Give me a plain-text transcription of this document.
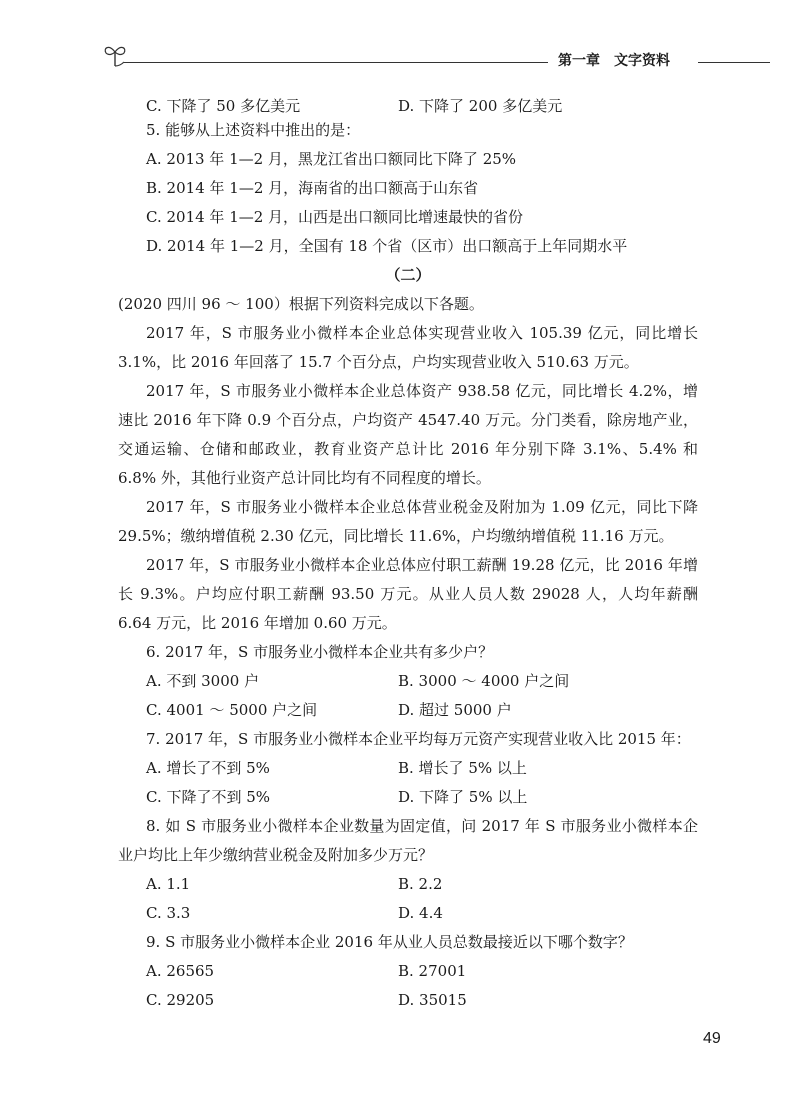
第一章 文字资料
C. 下降了 50 多亿美元	D. 下降了 200 多亿美元
5. 能够从上述资料中推出的是：
A. 2013 年 1—2 月，黑龙江省出口额同比下降了 25%
B. 2014 年 1—2 月，海南省的出口额高于山东省
C. 2014 年 1—2 月，山西是出口额同比增速最快的省份
D. 2014 年 1—2 月，全国有 18 个省（区市）出口额高于上年同期水平
（二）
(2020 四川 96 ～ 100）根据下列资料完成以下各题。
2017 年，S 市服务业小微样本企业总体实现营业收入 105.39 亿元，同比增长 3.1%，比 2016 年回落了 15.7 个百分点，户均实现营业收入 510.63 万元。
2017 年，S 市服务业小微样本企业总体资产 938.58 亿元，同比增长 4.2%，增速比 2016 年下降 0.9 个百分点，户均资产 4547.40 万元。分门类看，除房地产业，交通运输、仓储和邮政业，教育业资产总计比 2016 年分别下降 3.1%、5.4% 和 6.8% 外，其他行业资产总计同比均有不同程度的增长。
2017 年，S 市服务业小微样本企业总体营业税金及附加为 1.09 亿元，同比下降 29.5%；缴纳增值税 2.30 亿元，同比增长 11.6%，户均缴纳增值税 11.16 万元。
2017 年，S 市服务业小微样本企业总体应付职工薪酬 19.28 亿元，比 2016 年增长 9.3%。户均应付职工薪酬 93.50 万元。从业人员人数 29028 人，人均年薪酬 6.64 万元，比 2016 年增加 0.60 万元。
6. 2017 年，S 市服务业小微样本企业共有多少户？
A. 不到 3000 户	B. 3000 ～ 4000 户之间
C. 4001 ～ 5000 户之间	D. 超过 5000 户
7. 2017 年，S 市服务业小微样本企业平均每万元资产实现营业收入比 2015 年：
A. 增长了不到 5%	B. 增长了 5% 以上
C. 下降了不到 5%	D. 下降了 5% 以上
8. 如 S 市服务业小微样本企业数量为固定值，问 2017 年 S 市服务业小微样本企业户均比上年少缴纳营业税金及附加多少万元？
A. 1.1	B. 2.2
C. 3.3	D. 4.4
9. S 市服务业小微样本企业 2016 年从业人员总数最接近以下哪个数字？
A. 26565	B. 27001
C. 29205	D. 35015
49
